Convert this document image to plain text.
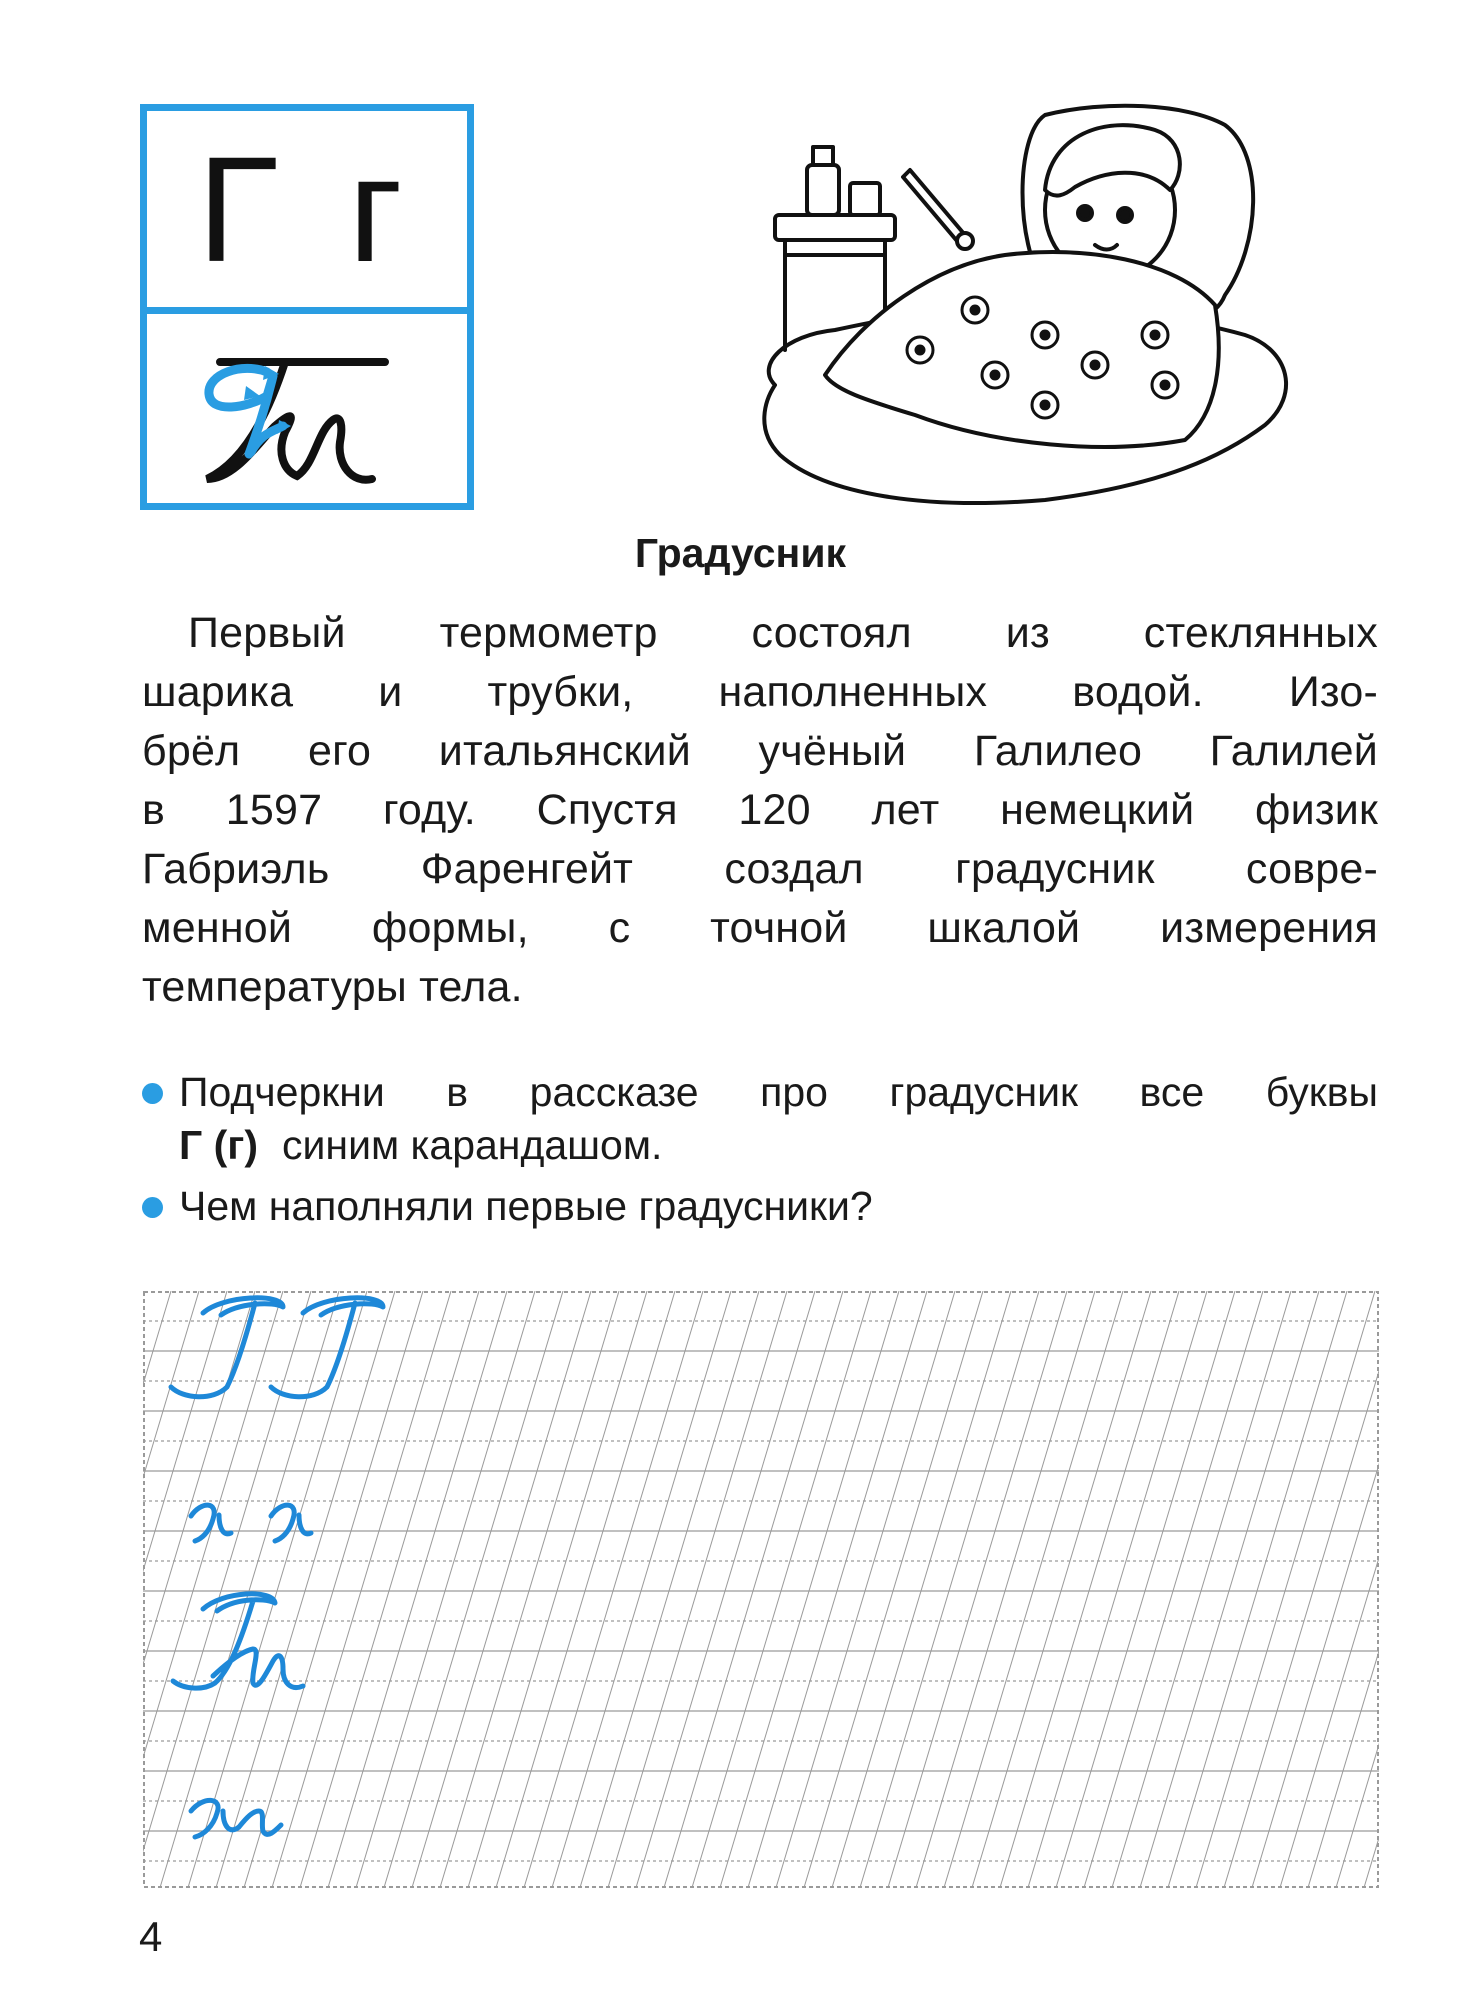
Г г
Градусник
Первый термометр состоял из стеклянных
шарика и трубки, наполненных водой. Изо-
брёл его итальянский учёный Галилео Галилей
в 1597 году. Спустя 120 лет немецкий физик
Габриэль Фаренгейт создал градусник совре-
менной формы, с точной шкалой измерения
температуры тела.
Подчеркни в рассказе про градусник все буквы
Г (г) синим карандашом.
Чем наполняли первые градусники?
4
